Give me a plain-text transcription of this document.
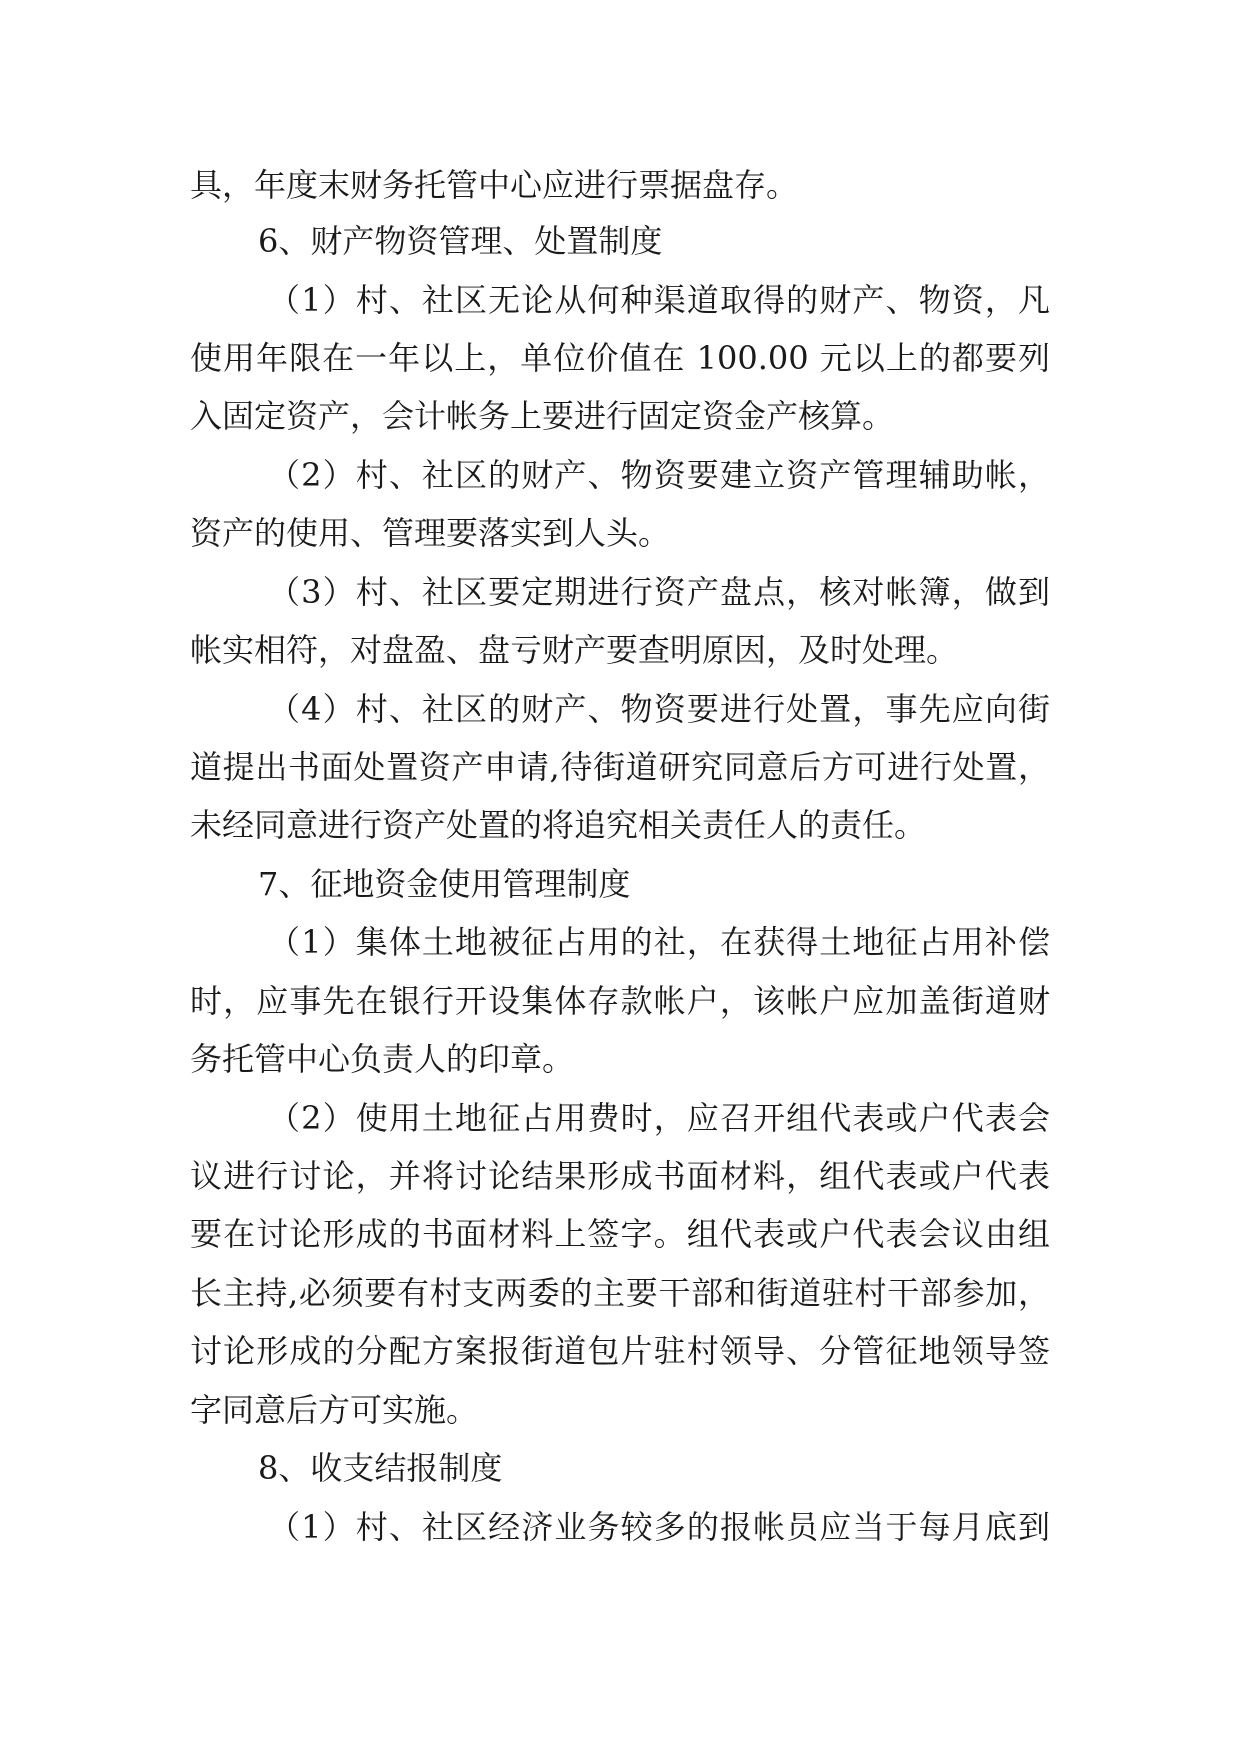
具，年度末财务托管中心应进行票据盘存。
6、财产物资管理、处置制度
（1）村、社区无论从何种渠道取得的财产、物资，凡
使用年限在一年以上，单位价值在 100.00 元以上的都要列
入固定资产，会计帐务上要进行固定资金产核算。
（2）村、社区的财产、物资要建立资产管理辅助帐，
资产的使用、管理要落实到人头。
（3）村、社区要定期进行资产盘点，核对帐簿，做到
帐实相符，对盘盈、盘亏财产要查明原因，及时处理。
（4）村、社区的财产、物资要进行处置，事先应向街
道提出书面处置资产申请,待街道研究同意后方可进行处置，
未经同意进行资产处置的将追究相关责任人的责任。
7、征地资金使用管理制度
（1）集体土地被征占用的社，在获得土地征占用补偿
时，应事先在银行开设集体存款帐户，该帐户应加盖街道财
务托管中心负责人的印章。
（2）使用土地征占用费时，应召开组代表或户代表会
议进行讨论，并将讨论结果形成书面材料，组代表或户代表
要在讨论形成的书面材料上签字。组代表或户代表会议由组
长主持,必须要有村支两委的主要干部和街道驻村干部参加，
讨论形成的分配方案报街道包片驻村领导、分管征地领导签
字同意后方可实施。
8、收支结报制度
（1）村、社区经济业务较多的报帐员应当于每月底到
